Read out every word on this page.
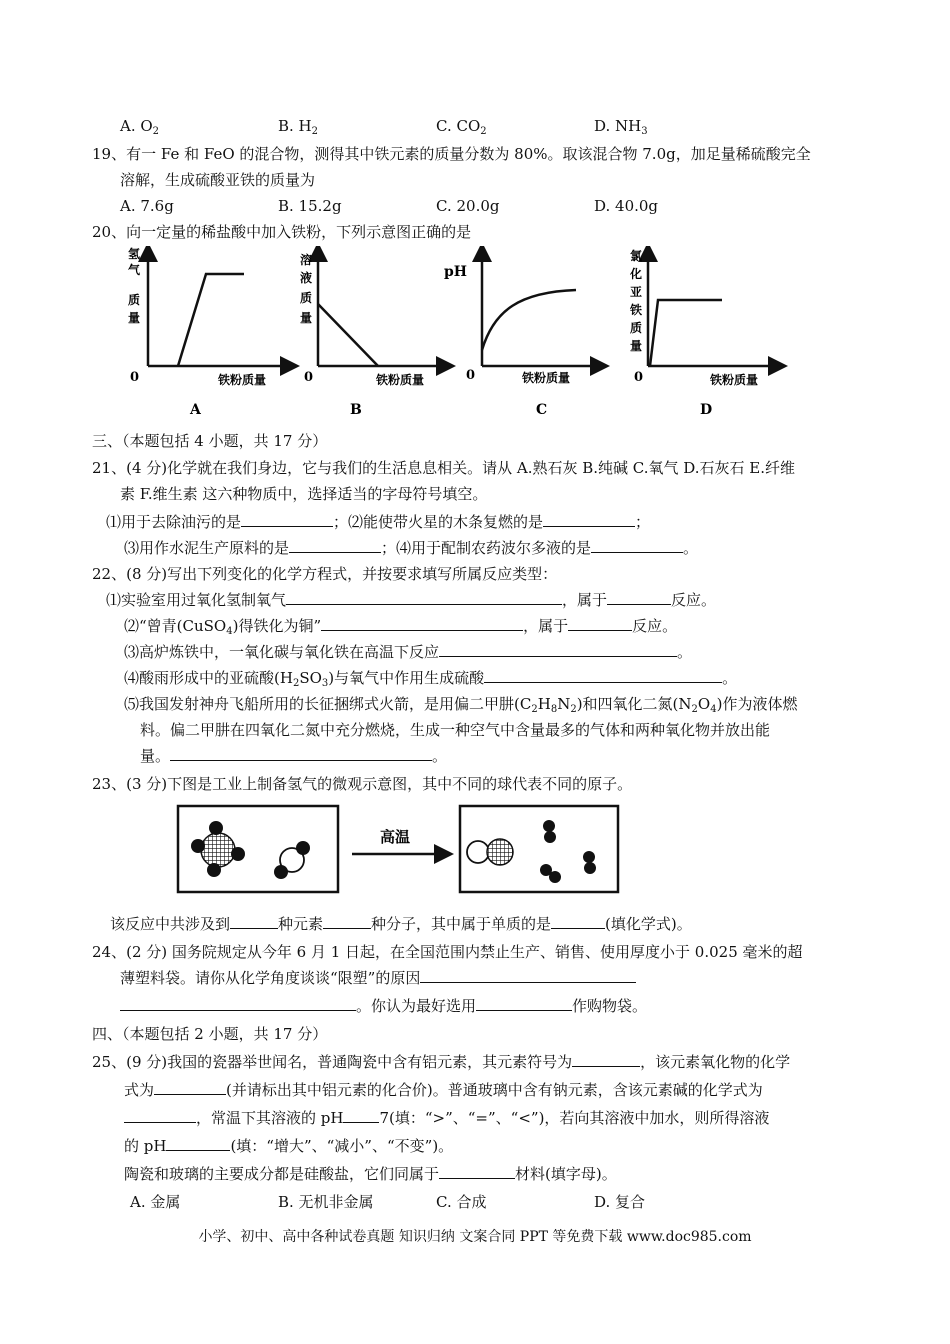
A. $O_2$	B. $H_2$	C. $CO_2$	D. $NH_3$
19、有一 Fe 和 FeO 的混合物，测得其中铁元素的质量分数为 80%。取该混合物 7.0g，加足量稀硫酸完全
溶解，生成硫酸亚铁的质量为
A. 7.6g	B. 15.2g	C. 20.0g	D. 40.0g
20、向一定量的稀盐酸中加入铁粉，下列示意图正确的是
氢
气
质
量
0	铁粉质量
A
溶
液
质
量
0	铁粉质量
B
pH
0	铁粉质量
C
氯
化
亚
铁
质
量
0	铁粉质量
D
三、（本题包括 4 小题，共 17 分）
21、(4 分)化学就在我们身边，它与我们的生活息息相关。请从 A.熟石灰 B.纯碱 C.氧气 D.石灰石 E.纤维
素 F.维生素 这六种物质中，选择适当的字母符号填空。
⑴用于去除油污的是	；⑵能使带火星的木条复燃的是	；
⑶用作水泥生产原料的是	；⑷用于配制农药波尔多液的是	。
22、(8 分)写出下列变化的化学方程式，并按要求填写所属反应类型：
⑴实验室用过氧化氢制氧气	，属于	反应。
⑵“曾青(CuSO$_4$)得铁化为铜”	，属于	反应。
⑶高炉炼铁中，一氧化碳与氧化铁在高温下反应	。
⑷酸雨形成中的亚硫酸$(H_2SO_3)$与氧气中作用生成硫酸	。
⑸我国发射神舟飞船所用的长征捆绑式火箭，是用偏二甲肼$(C_2H_8N_2)$和四氧化二氮$(N_2O_4)$作为液体燃
料。偏二甲肼在四氧化二氮中充分燃烧，生成一种空气中含量最多的气体和两种氧化物并放出能
量。	。
23、(3 分)下图是工业上制备氢气的微观示意图，其中不同的球代表不同的原子。
高温
该反应中共涉及到	种元素	种分子，其中属于单质的是	(填化学式)。
24、(2 分) 国务院规定从今年 6 月 1 日起，在全国范围内禁止生产、销售、使用厚度小于 0.025 毫米的超
薄塑料袋。请你从化学角度谈谈“限塑”的原因
。你认为最好选用	作购物袋。
四、（本题包括 2 小题，共 17 分）
25、(9 分)我国的瓷器举世闻名，普通陶瓷中含有铝元素，其元素符号为	，该元素氧化物的化学
式为	(并请标出其中铝元素的化合价)。普通玻璃中含有钠元素，含该元素碱的化学式为
，常温下其溶液的 pH 7(填：“>”、“=”、“<”)，若向其溶液中加水，则所得溶液
的 pH	(填：“增大”、“减小”、“不变”)。
陶瓷和玻璃的主要成分都是硅酸盐，它们同属于	材料(填字母)。
A. 金属	B. 无机非金属	C. 合成	D. 复合
小学、初中、高中各种试卷真题 知识归纳 文案合同 PPT 等免费下载 www.doc985.com
